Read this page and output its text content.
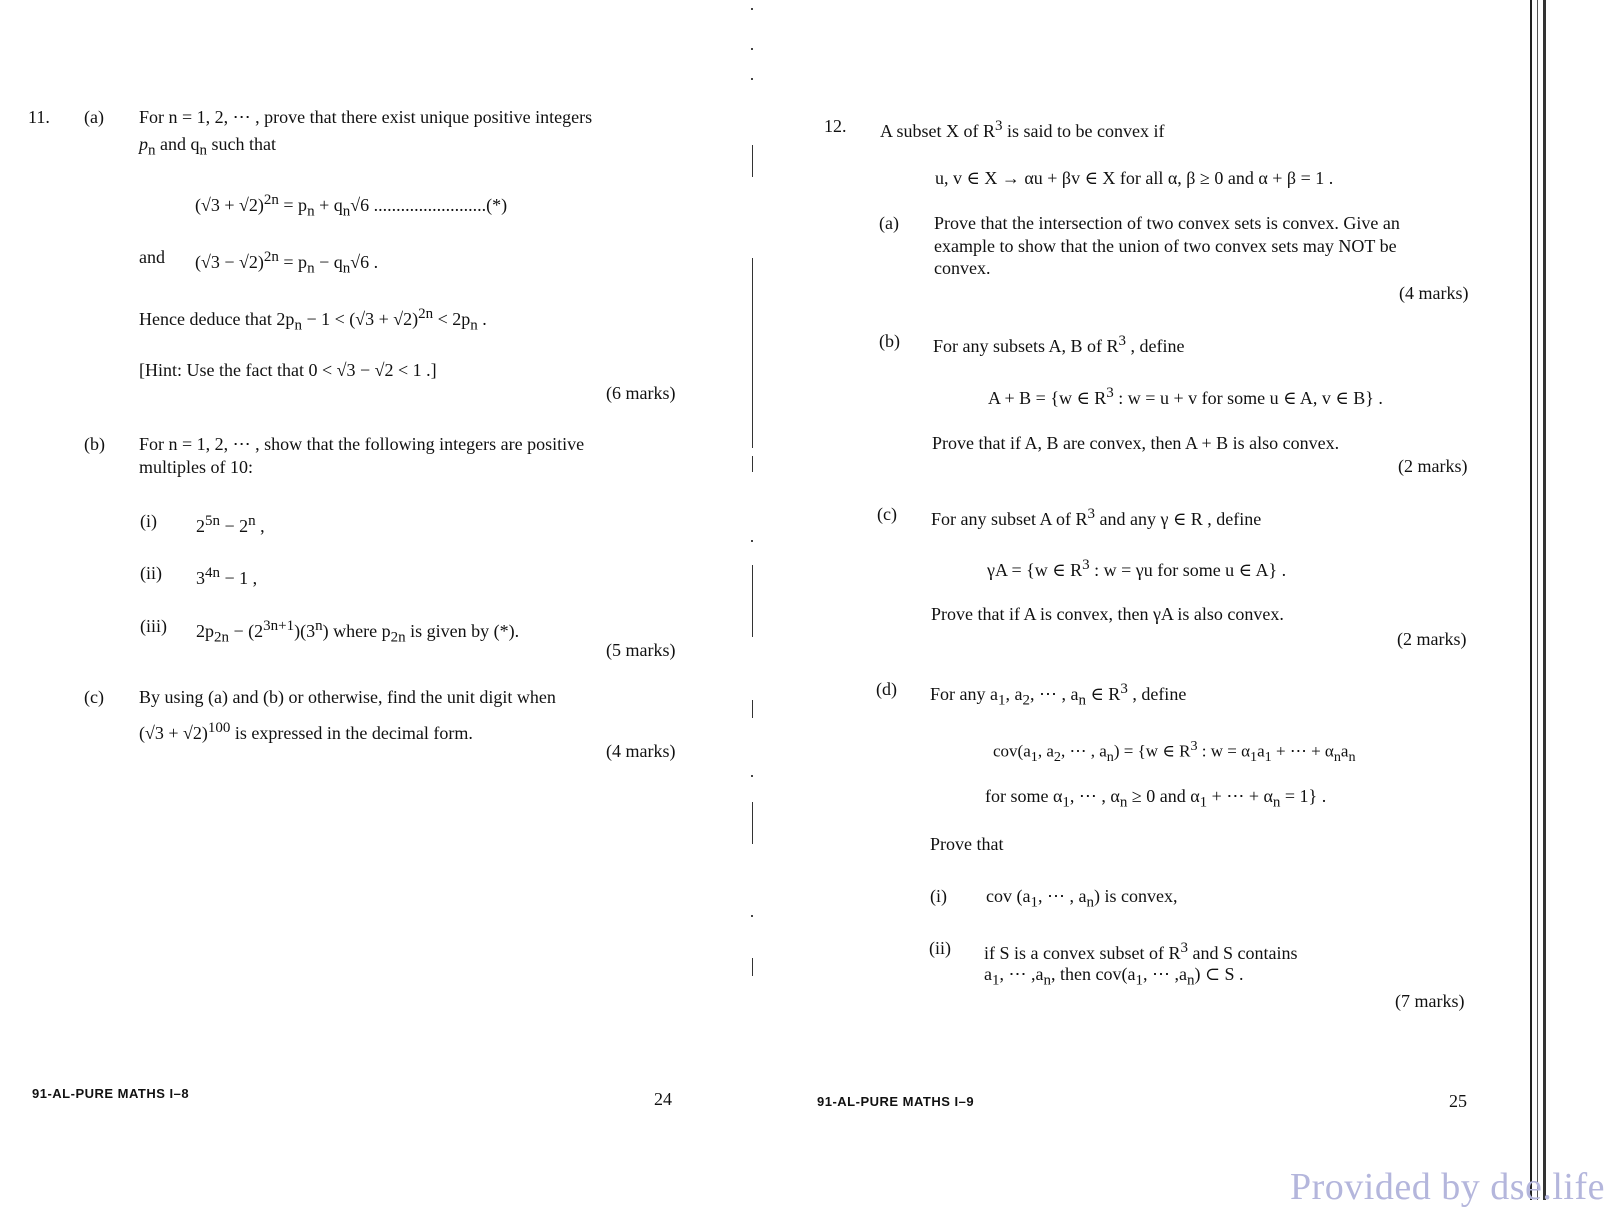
11. (a) For n = 1, 2, ⋯ , prove that there exist unique positive integers
$p_n$ and $q_n$ such that
$(√3 + √2)^{2n} = p_n + q_n√6$ .........................(*)
and $(√3 - √2)^{2n} = p_n - q_n√6$ .
Hence deduce that $2p_n - 1 < (√3 + √2)^{2n} < 2p_n$ .
[Hint: Use the fact that 0 < √3 − √2 < 1 .]
(6 marks)
(b) For n = 1, 2, ⋯ , show that the following integers are positive
multiples of 10:
(i) $2^{5n} - 2^n$ ,
(ii) $3^{4n} - 1$ ,
(iii) $2p_{2n} - (2^{3n+1})(3^n)$ where $p_{2n}$ is given by (*).
(5 marks)
(c) By using (a) and (b) or otherwise, find the unit digit when
$(√3 + √2)^{100}$ is expressed in the decimal form.
(4 marks)
91-AL-PURE MATHS I–8	24
12. A subset X of $R^3$ is said to be convex if
u, v ∈ X → αu + βv ∈ X for all α, β ≥ 0 and α + β = 1 .
(a) Prove that the intersection of two convex sets is convex. Give an
example to show that the union of two convex sets may NOT be
convex.
(4 marks)
(b) For any subsets A, B of $R^3$ , define
A + B = {w ∈ $R^3$ : w = u + v for some u ∈ A, v ∈ B} .
Prove that if A, B are convex, then A + B is also convex.
(2 marks)
(c) For any subset A of $R^3$ and any γ ∈ R , define
γA = {w ∈ $R^3$ : w = γu for some u ∈ A} .
Prove that if A is convex, then γA is also convex.
(2 marks)
(d) For any $a_1$, $a_2$, ⋯ , $a_n$ ∈ $R^3$ , define
$cov(a_1$, $a_2$, ⋯ , $a_n) = \{w$ ∈ $R^3$ : $w = \alpha_1a_1$ + ⋯ + $\alpha_na_n$
for some $\alpha_1$, ⋯ , $\alpha_n \ge 0$ and $\alpha_1$ + ⋯ + $\alpha_n = 1$} .
Prove that
(i) cov ($a_1$, ⋯ , $a_n$) is convex,
(ii) if S is a convex subset of $R^3$ and S contains
$a_1$, ⋯ $,a_n$, then $cov(a_1$, ⋯ $,a_n$) ⊂ S .
(7 marks)
91-AL-PURE MATHS I–9	25
Provided by dse.life
